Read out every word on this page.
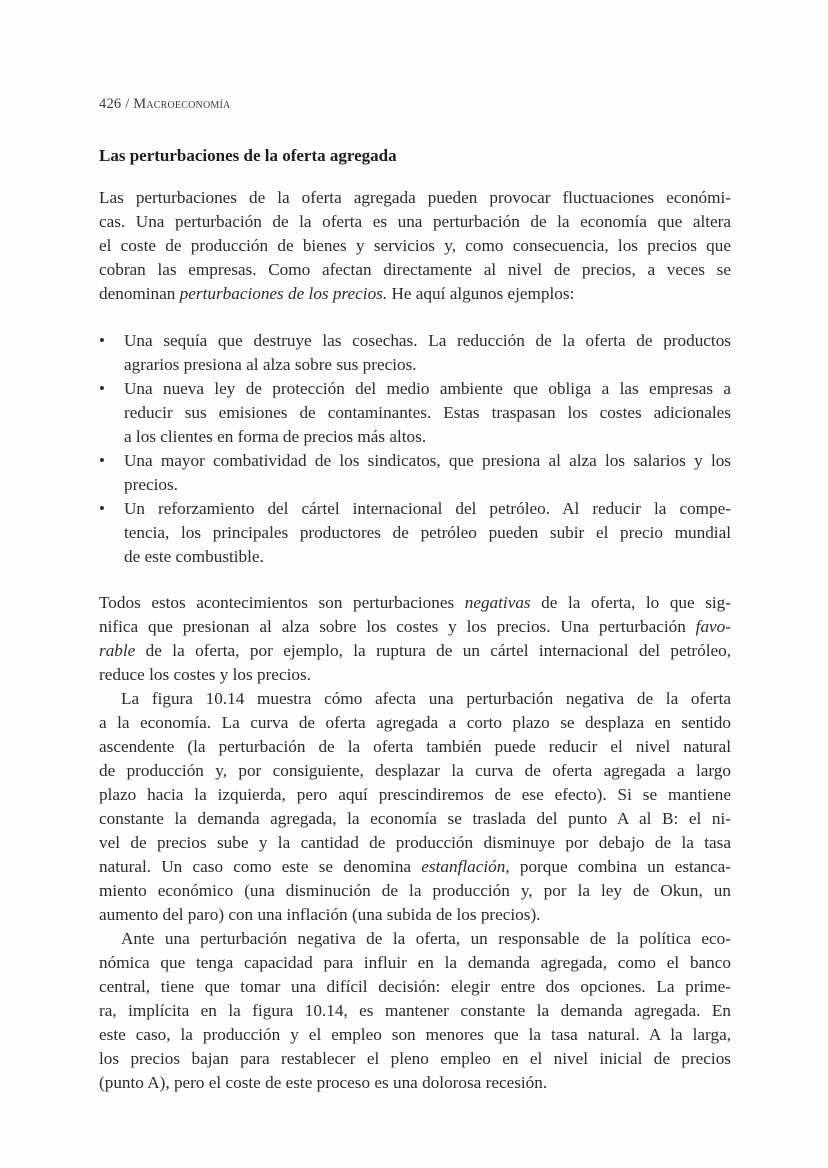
426 / Macroeconomía
Las perturbaciones de la oferta agregada
Las perturbaciones de la oferta agregada pueden provocar fluctuaciones económi-
cas. Una perturbación de la oferta es una perturbación de la economía que altera
el coste de producción de bienes y servicios y, como consecuencia, los precios que
cobran las empresas. Como afectan directamente al nivel de precios, a veces se
denominan perturbaciones de los precios. He aquí algunos ejemplos:
• Una sequía que destruye las cosechas. La reducción de la oferta de productos
agrarios presiona al alza sobre sus precios.
• Una nueva ley de protección del medio ambiente que obliga a las empresas a
reducir sus emisiones de contaminantes. Estas traspasan los costes adicionales
a los clientes en forma de precios más altos.
• Una mayor combatividad de los sindicatos, que presiona al alza los salarios y los
precios.
• Un reforzamiento del cártel internacional del petróleo. Al reducir la compe-
tencia, los principales productores de petróleo pueden subir el precio mundial
de este combustible.
Todos estos acontecimientos son perturbaciones negativas de la oferta, lo que sig-
nifica que presionan al alza sobre los costes y los precios. Una perturbación favo-
rable de la oferta, por ejemplo, la ruptura de un cártel internacional del petróleo,
reduce los costes y los precios.
La figura 10.14 muestra cómo afecta una perturbación negativa de la oferta
a la economía. La curva de oferta agregada a corto plazo se desplaza en sentido
ascendente (la perturbación de la oferta también puede reducir el nivel natural
de producción y, por consiguiente, desplazar la curva de oferta agregada a largo
plazo hacia la izquierda, pero aquí prescindiremos de ese efecto). Si se mantiene
constante la demanda agregada, la economía se traslada del punto A al B: el ni-
vel de precios sube y la cantidad de producción disminuye por debajo de la tasa
natural. Un caso como este se denomina estanflación, porque combina un estanca-
miento económico (una disminución de la producción y, por la ley de Okun, un
aumento del paro) con una inflación (una subida de los precios).
Ante una perturbación negativa de la oferta, un responsable de la política eco-
nómica que tenga capacidad para influir en la demanda agregada, como el banco
central, tiene que tomar una difícil decisión: elegir entre dos opciones. La prime-
ra, implícita en la figura 10.14, es mantener constante la demanda agregada. En
este caso, la producción y el empleo son menores que la tasa natural. A la larga,
los precios bajan para restablecer el pleno empleo en el nivel inicial de precios
(punto A), pero el coste de este proceso es una dolorosa recesión.
